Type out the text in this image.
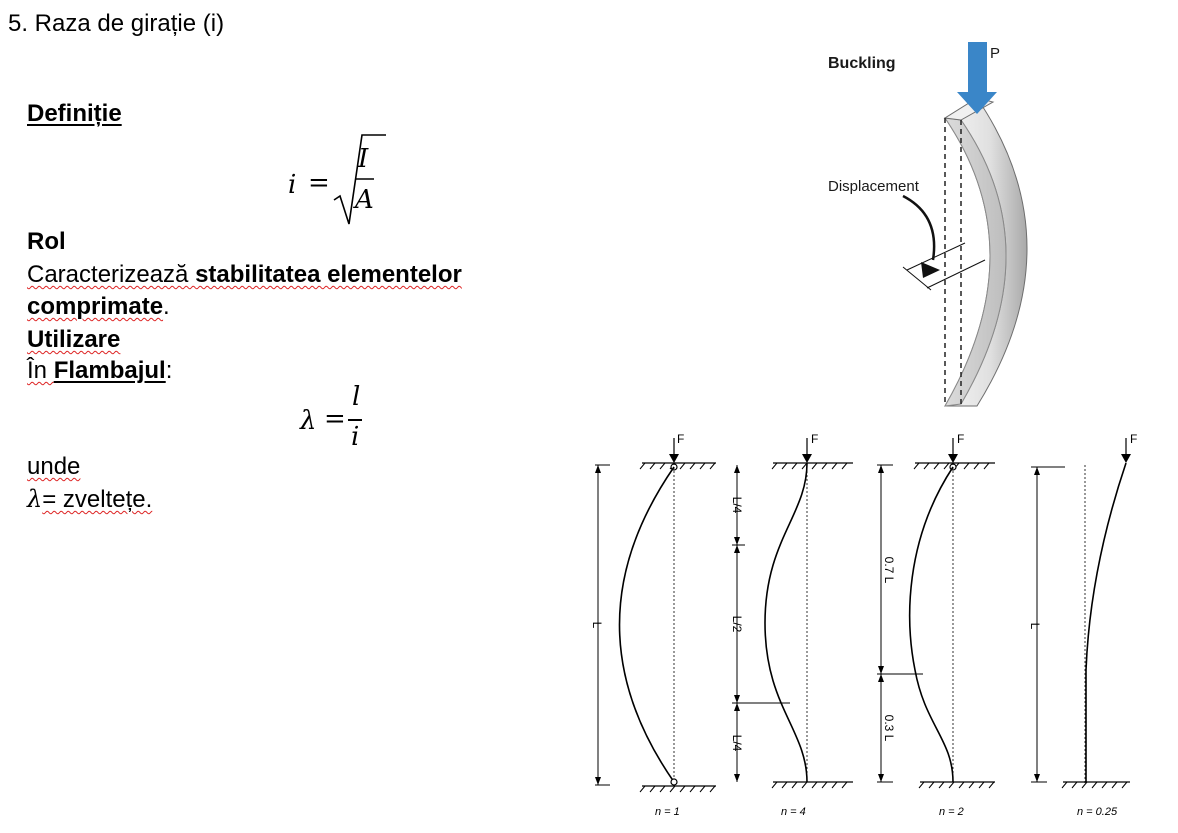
5. Raza de girație (i)
Definiție
i =
I
A
Rol
Caracterizează stabilitatea elementelor
comprimate.
Utilizare
În Flambajul:
λ =
l
i
unde
λ= zveltețe.
Buckling
P
Displacement
F
L
n = 1
F
L/4
L/2
L/4
n = 4
F
0.7 L
0.3 L
n = 2
F
L
n = 0.25
